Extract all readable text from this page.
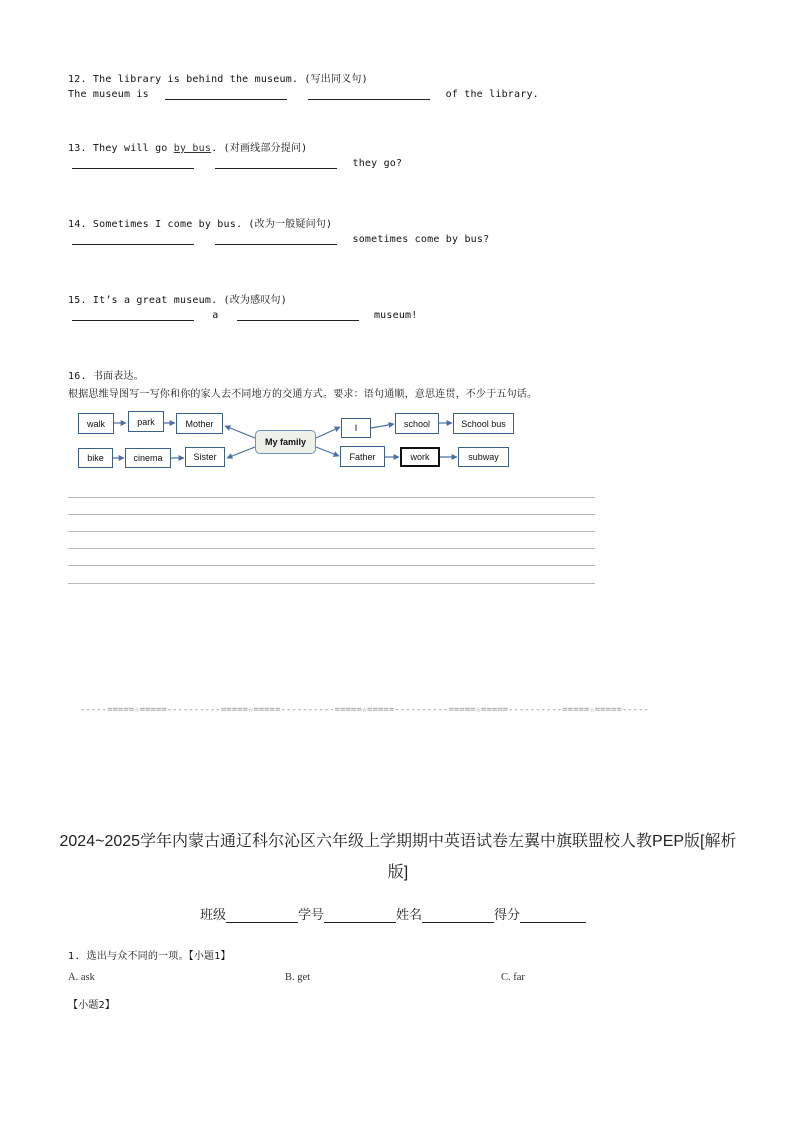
12. The library is behind the museum. (写出同义句)
The museum is	of the library.
13. They will go by bus. (对画线部分提问)
they go?
14. Sometimes I come by bus. (改为一般疑问句)
sometimes come by bus?
15. It’s a great museum. (改为感叹句)
a	museum!
16. 书面表达。
根据思维导图写一写你和你的家人去不同地方的交通方式。要求：语句通顺，意思连贯，不少于五句话。
walk	park	Mother
bike	cinema	Sister
My family
I	school	School bus
Father	work	subway
-----=====☆=====----------=====☆=====----------=====☆=====----------=====☆=====----------=====☆=====-----
2024~2025学年内蒙古通辽科尔沁区六年级上学期期中英语试卷左翼中旗联盟校人教PEP版[解析版]
班级	学号	姓名	得分
1. 选出与众不同的一项。【小题1】
A. ask	B. get	C. far
【小题2】
